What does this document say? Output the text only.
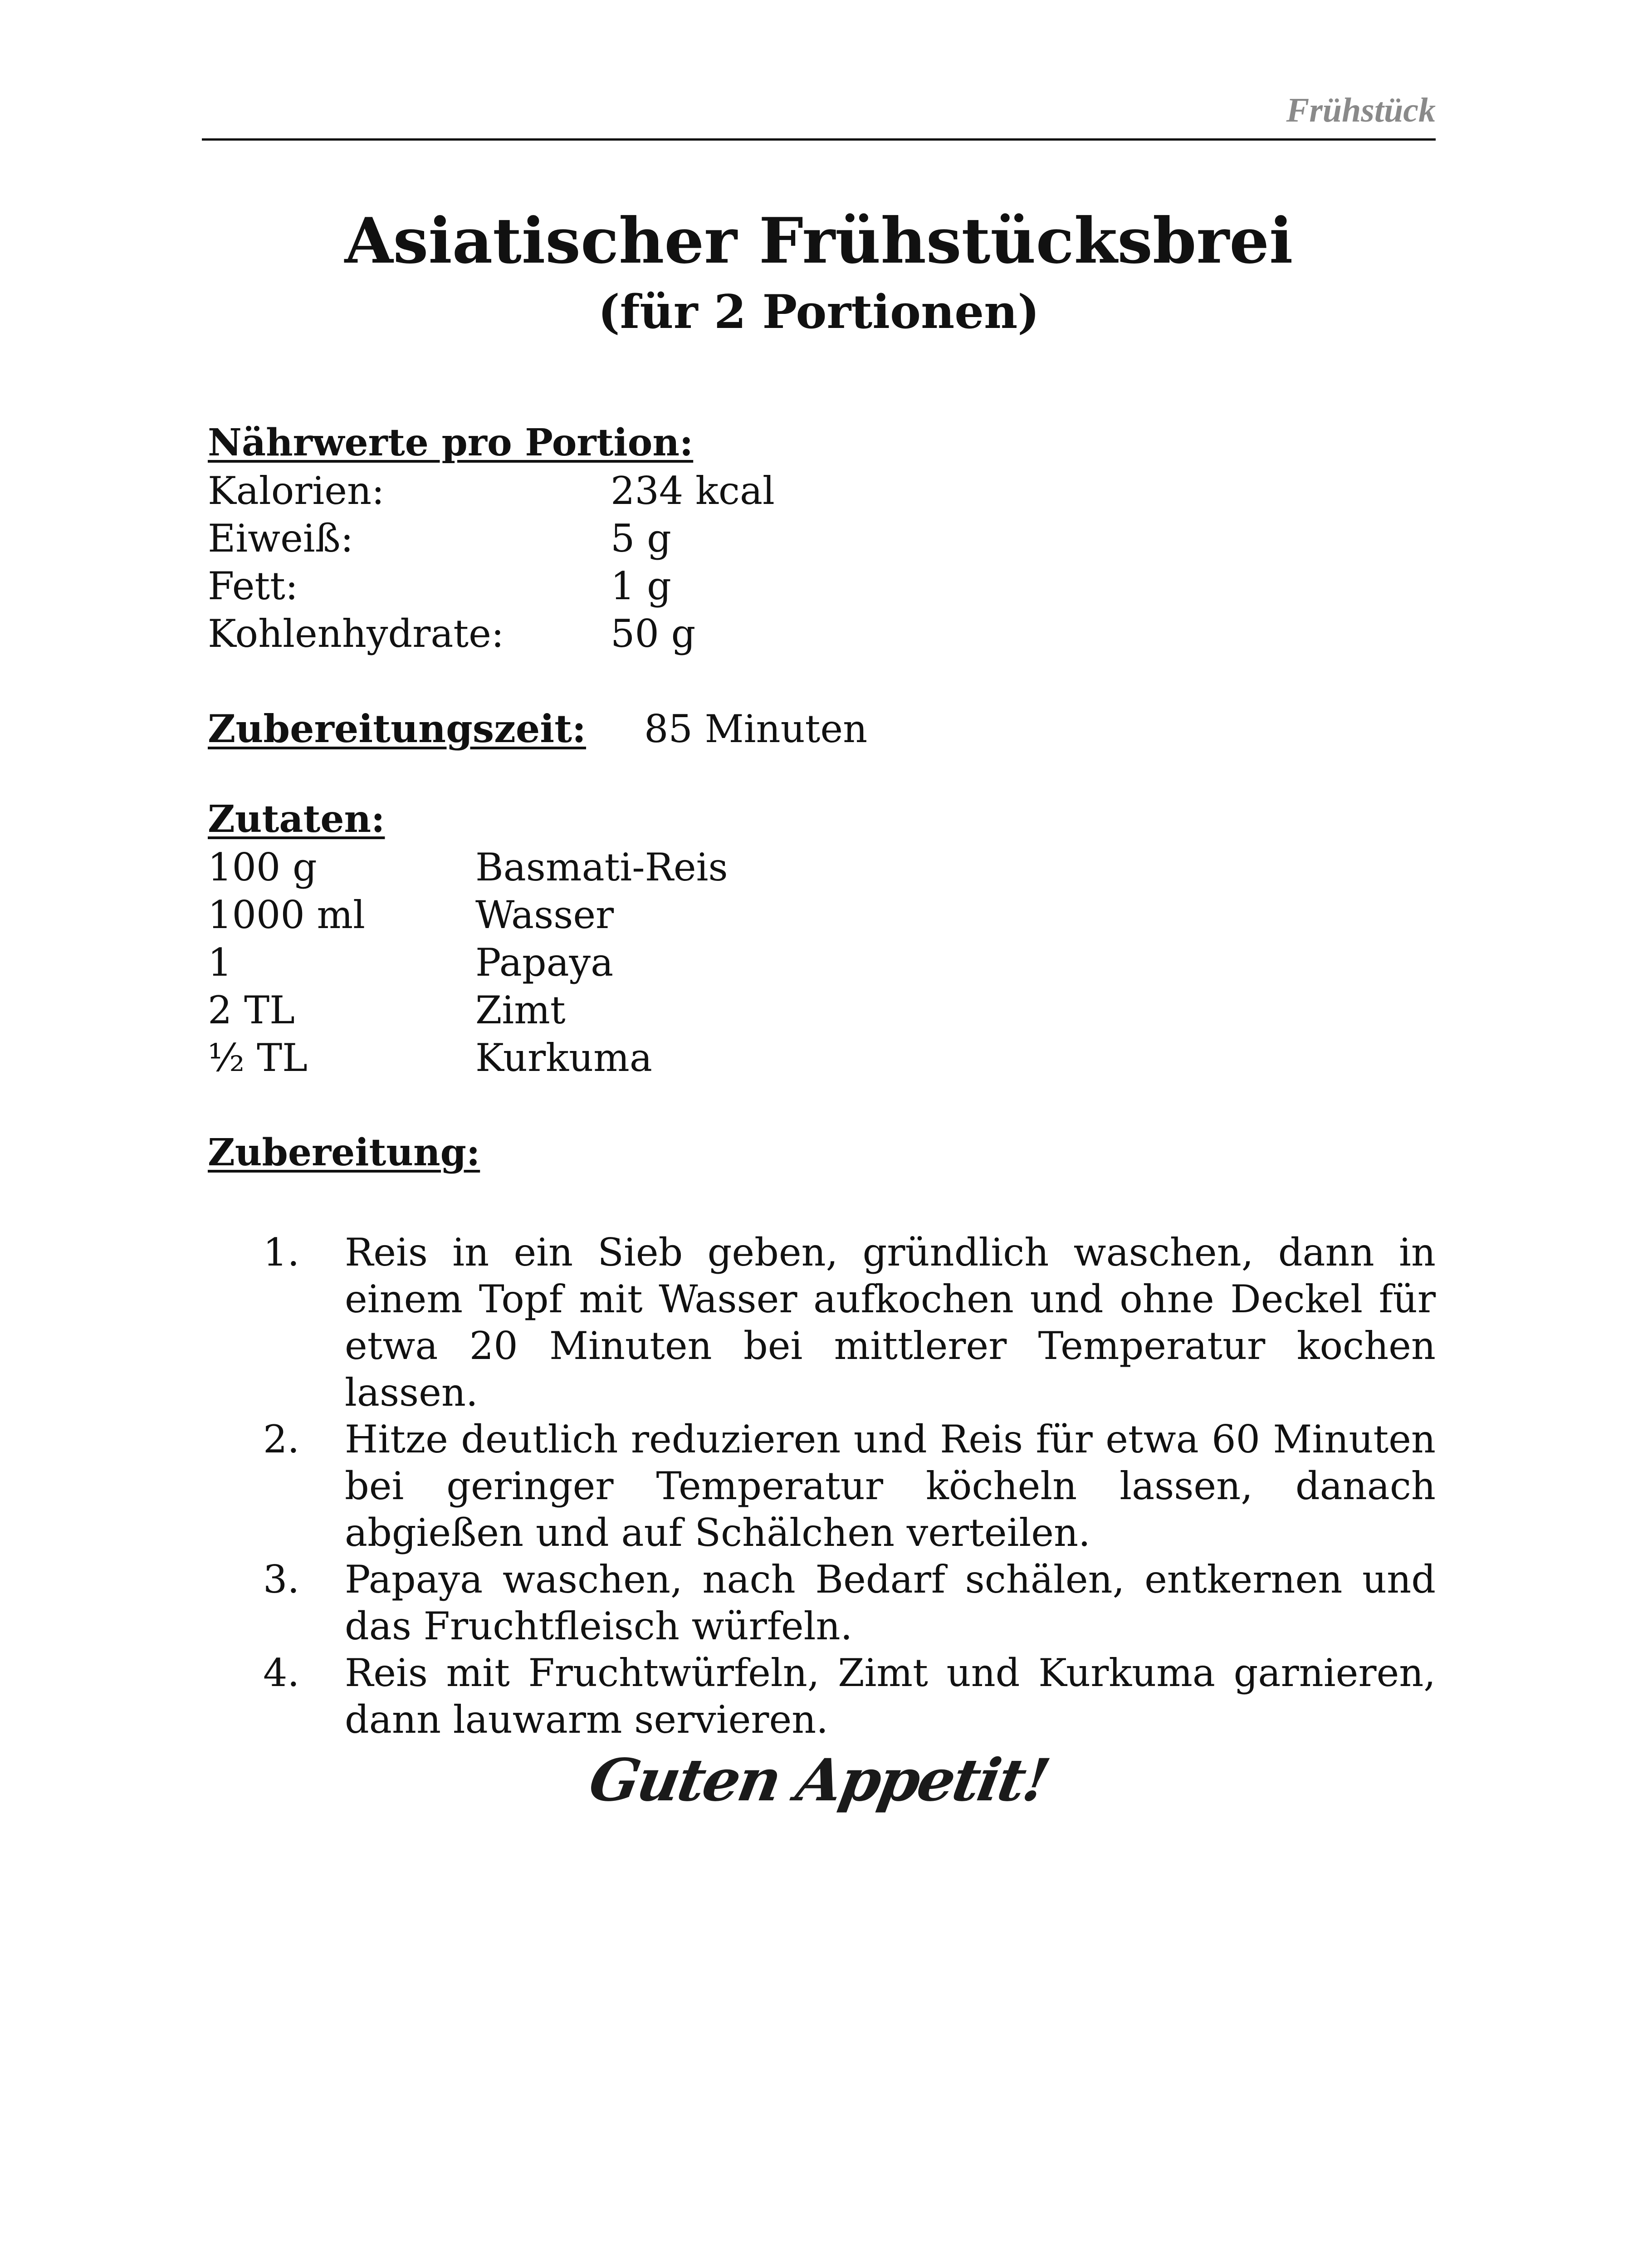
Frühstück
Asiatischer Frühstücksbrei
(für 2 Portionen)
Nährwerte pro Portion:
Kalorien:	234 kcal
Eiweiß:	5 g
Fett:	1 g
Kohlenhydrate:	50 g
Zubereitungszeit: 85 Minuten
Zutaten:
100 g	Basmati-Reis
1000 ml	Wasser
1	Papaya
2 TL	Zimt
½ TL	Kurkuma
Zubereitung:
1. Reis in ein Sieb geben, gründlich waschen, dann in einem Topf mit Wasser aufkochen und ohne Deckel für etwa 20 Minuten bei mittlerer Temperatur kochen lassen.
2. Hitze deutlich reduzieren und Reis für etwa 60 Minuten bei geringer Temperatur köcheln lassen, danach abgießen und auf Schälchen verteilen.
3. Papaya waschen, nach Bedarf schälen, entkernen und das Fruchtfleisch würfeln.
4. Reis mit Fruchtwürfeln, Zimt und Kurkuma garnieren, dann lauwarm servieren.
Guten Appetit!
